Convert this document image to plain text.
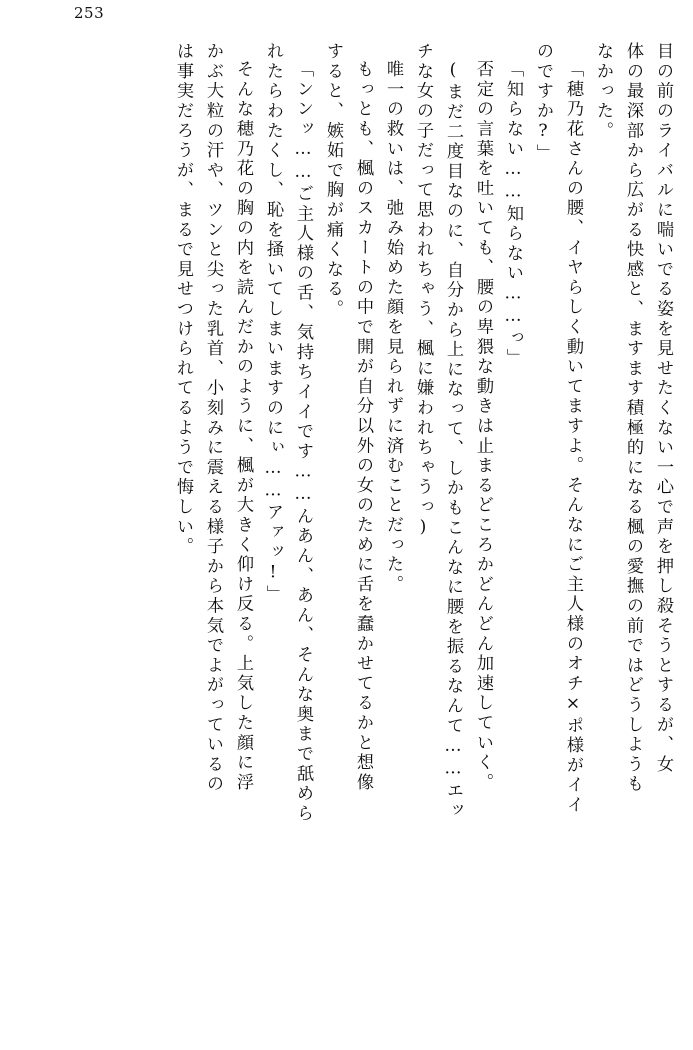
253
目の前のライバルに喘いでる姿を見せたくない一心で声を押し殺そうとするが、女
体の最深部から広がる快感と、ますます積極的になる楓の愛撫の前ではどうしようも
なかった。
「穂乃花さんの腰、イヤらしく動いてますよ。そんなにご主人様のオチ×ポ様がイイ
のですか?」
「知らない……知らない……っ」
否定の言葉を吐いても、腰の卑猥な動きは止まるどころかどんどん加速していく。
(まだ二度目なのに、自分から上になって、しかもこんなに腰を振るなんて……エッ
チな女の子だって思われちゃう、楓に嫌われちゃうっ)
唯一の救いは、弛み始めた顔を見られずに済むことだった。
もっとも、楓のスカートの中で開が自分以外の女のために舌を蠢かせてるかと想像
すると、嫉妬で胸が痛くなる。
「ンンッ……ご主人様の舌、気持ちイイです……んあん、あん、そんな奥まで舐めら
れたらわたくし、恥を掻いてしまいますのにぃ……アァッ!」
そんな穂乃花の胸の内を読んだかのように、楓が大きく仰け反る。上気した顔に浮
かぶ大粒の汗や、ツンと尖った乳首、小刻みに震える様子から本気でよがっているの
は事実だろうが、まるで見せつけられてるようで悔しい。
